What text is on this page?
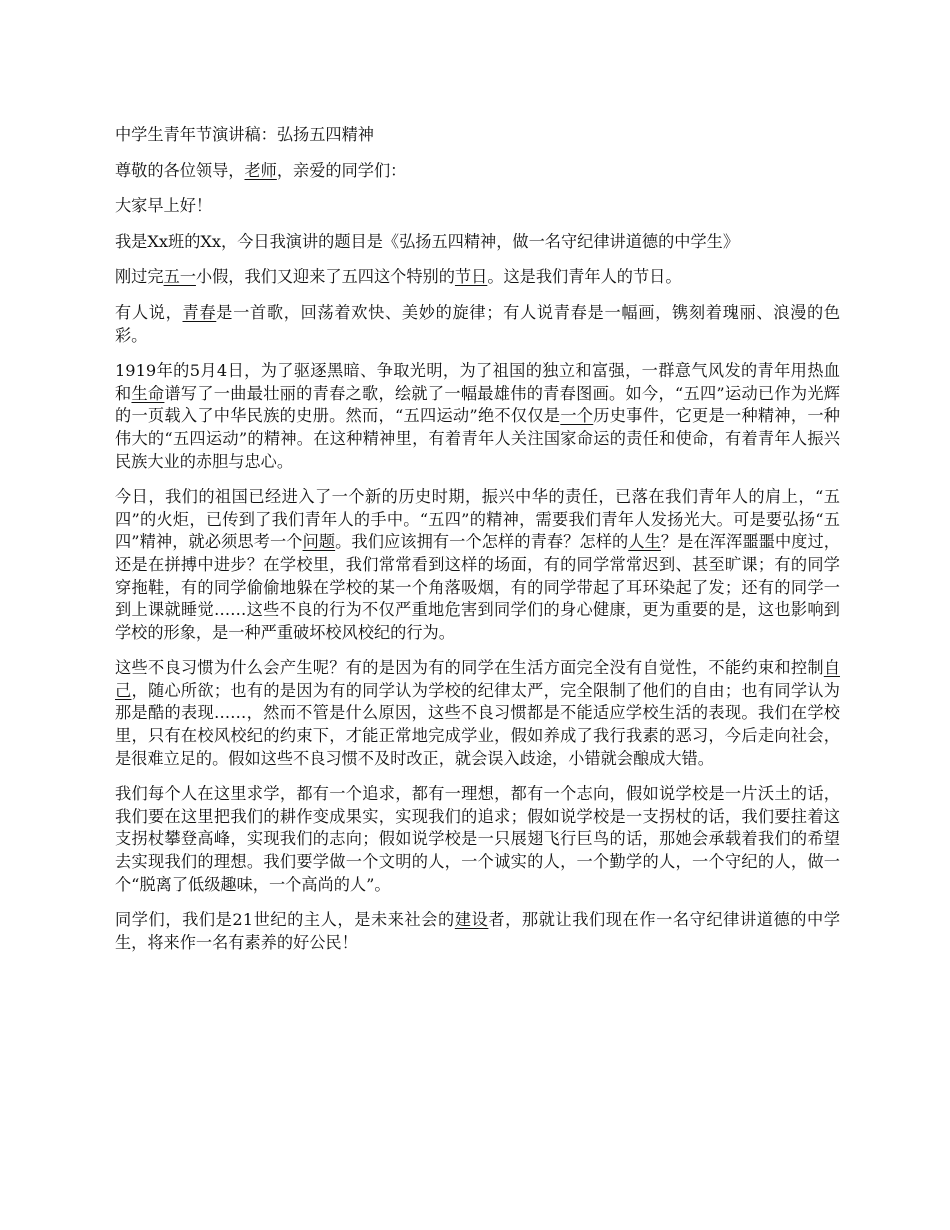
中学生青年节演讲稿：弘扬五四精神

尊敬的各位领导，老师，亲爱的同学们：

大家早上好！

我是Xx班的Xx，今日我演讲的题目是《弘扬五四精神，做一名守纪律讲道德的中学生》

刚过完五一小假，我们又迎来了五四这个特别的节日。这是我们青年人的节日。

有人说，青春是一首歌，回荡着欢快、美妙的旋律；有人说青春是一幅画，镌刻着瑰丽、浪漫的色彩。

1919年的5月4日，为了驱逐黑暗、争取光明，为了祖国的独立和富强，一群意气风发的青年用热血和生命谱写了一曲最壮丽的青春之歌，绘就了一幅最雄伟的青春图画。如今，“五四”运动已作为光辉的一页载入了中华民族的史册。然而，“五四运动”绝不仅仅是一个历史事件，它更是一种精神，一种伟大的“五四运动”的精神。在这种精神里，有着青年人关注国家命运的责任和使命，有着青年人振兴民族大业的赤胆与忠心。

今日，我们的祖国已经进入了一个新的历史时期，振兴中华的责任，已落在我们青年人的肩上，“五四”的火炬，已传到了我们青年人的手中。“五四”的精神，需要我们青年人发扬光大。可是要弘扬“五四”精神，就必须思考一个问题。我们应该拥有一个怎样的青春？怎样的人生？是在浑浑噩噩中度过，还是在拼搏中进步？在学校里，我们常常看到这样的场面，有的同学常常迟到、甚至旷课；有的同学穿拖鞋，有的同学偷偷地躲在学校的某一个角落吸烟，有的同学带起了耳环染起了发；还有的同学一到上课就睡觉……这些不良的行为不仅严重地危害到同学们的身心健康，更为重要的是，这也影响到学校的形象，是一种严重破坏校风校纪的行为。

这些不良习惯为什么会产生呢？有的是因为有的同学在生活方面完全没有自觉性，不能约束和控制自己，随心所欲；也有的是因为有的同学认为学校的纪律太严，完全限制了他们的自由；也有同学认为那是酷的表现……，然而不管是什么原因，这些不良习惯都是不能适应学校生活的表现。我们在学校里，只有在校风校纪的约束下，才能正常地完成学业，假如养成了我行我素的恶习，今后走向社会，是很难立足的。假如这些不良习惯不及时改正，就会误入歧途，小错就会酿成大错。

我们每个人在这里求学，都有一个追求，都有一理想，都有一个志向，假如说学校是一片沃土的话，我们要在这里把我们的耕作变成果实，实现我们的追求；假如说学校是一支拐杖的话，我们要拄着这支拐杖攀登高峰，实现我们的志向；假如说学校是一只展翅飞行巨鸟的话，那她会承载着我们的希望去实现我们的理想。我们要学做一个文明的人，一个诚实的人，一个勤学的人，一个守纪的人，做一个“脱离了低级趣味，一个高尚的人”。

同学们，我们是21世纪的主人，是未来社会的建设者，那就让我们现在作一名守纪律讲道德的中学生，将来作一名有素养的好公民！
